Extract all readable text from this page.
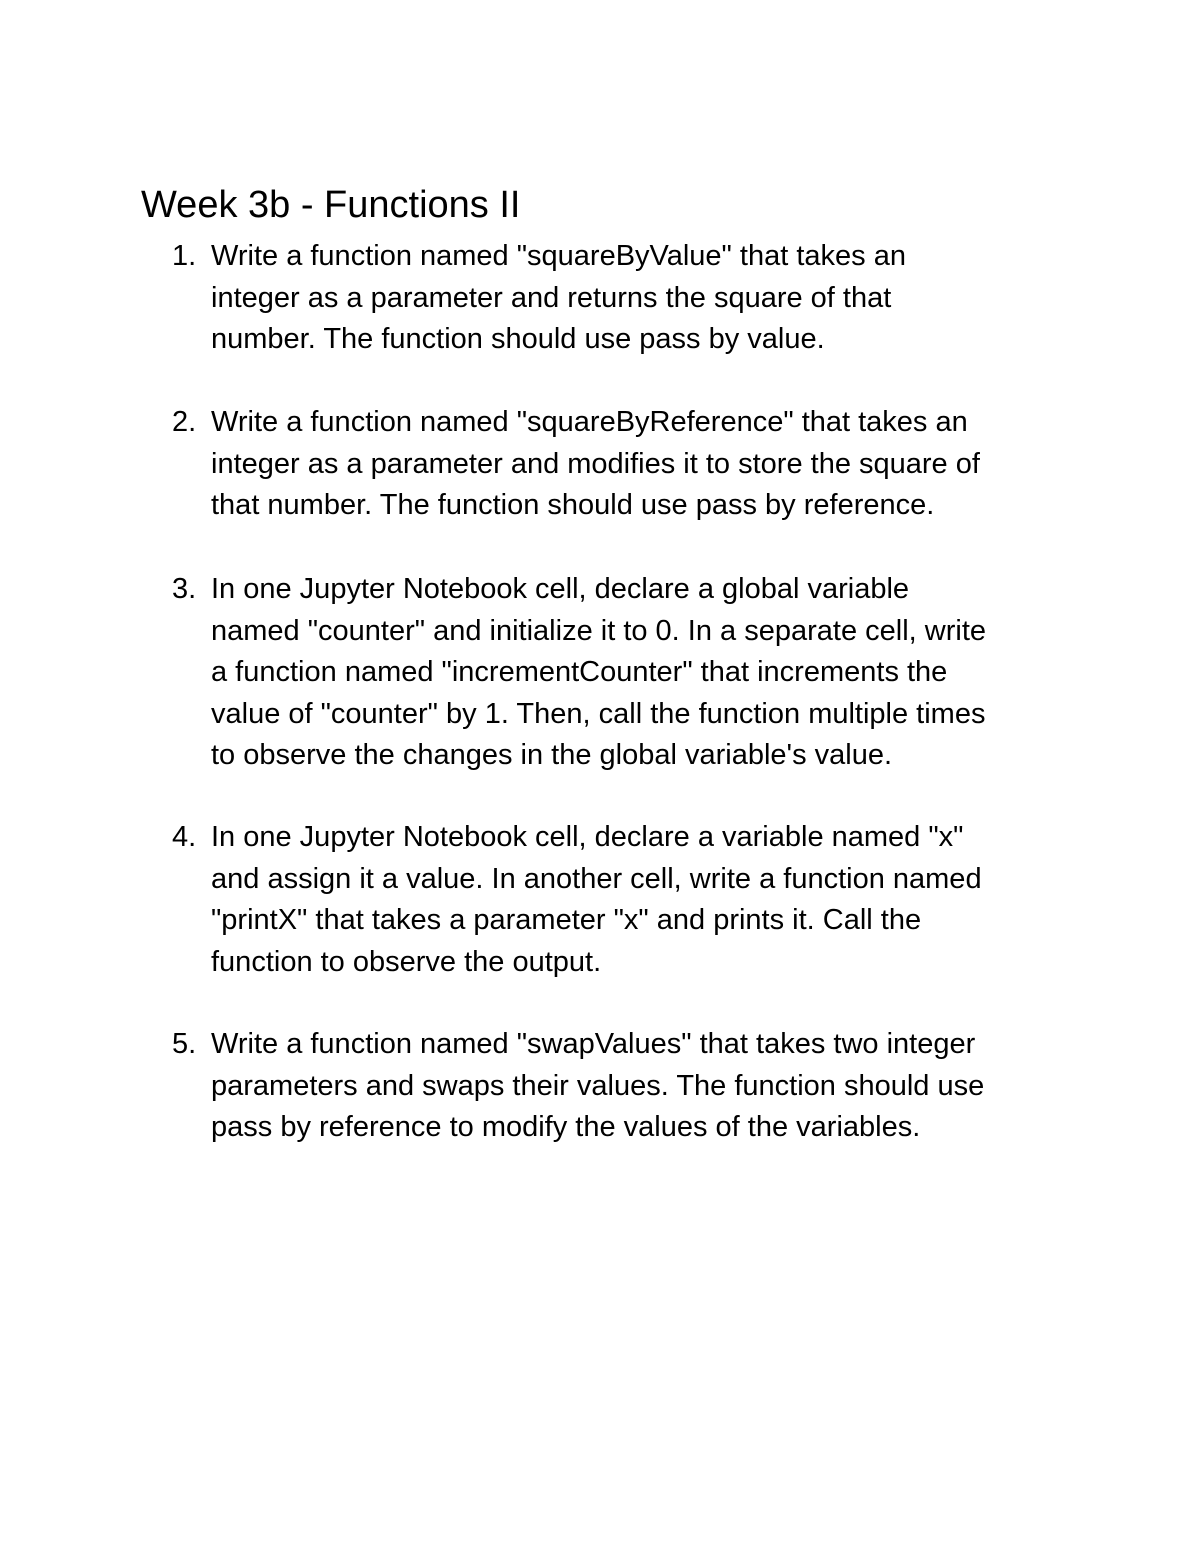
Week 3b - Functions II
1. Write a function named "squareByValue" that takes an
integer as a parameter and returns the square of that
number. The function should use pass by value.
2. Write a function named "squareByReference" that takes an
integer as a parameter and modifies it to store the square of
that number. The function should use pass by reference.
3. In one Jupyter Notebook cell, declare a global variable
named "counter" and initialize it to 0. In a separate cell, write
a function named "incrementCounter" that increments the
value of "counter" by 1. Then, call the function multiple times
to observe the changes in the global variable's value.
4. In one Jupyter Notebook cell, declare a variable named "x"
and assign it a value. In another cell, write a function named
"printX" that takes a parameter "x" and prints it. Call the
function to observe the output.
5. Write a function named "swapValues" that takes two integer
parameters and swaps their values. The function should use
pass by reference to modify the values of the variables.
